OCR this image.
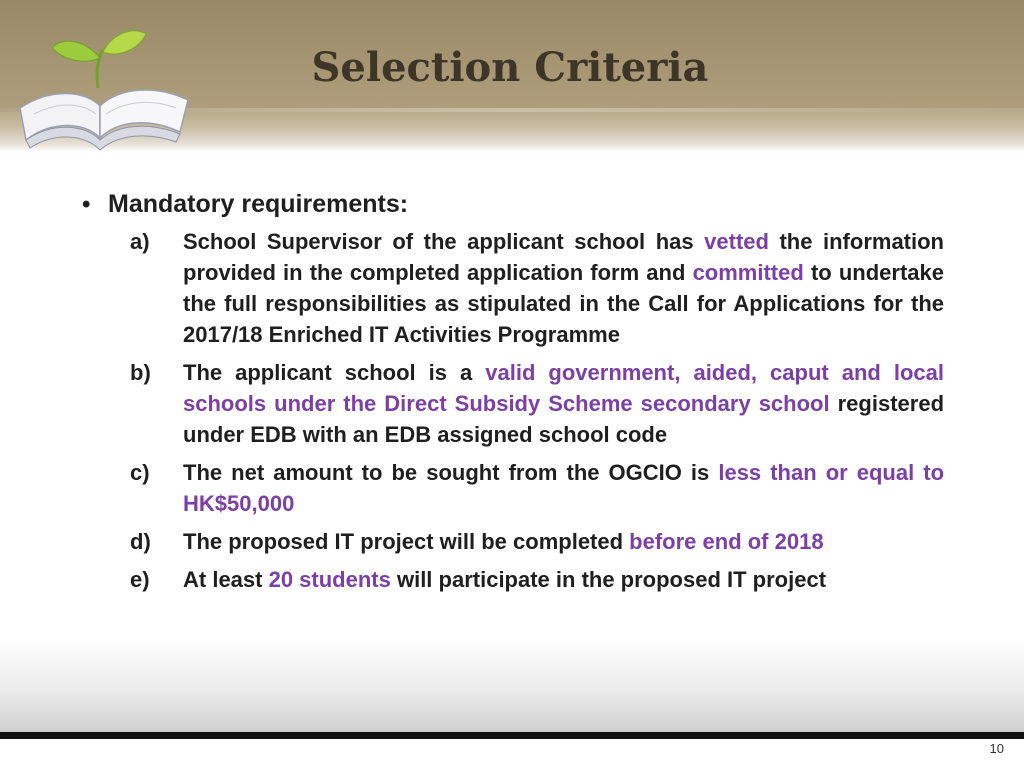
Selection Criteria
• Mandatory requirements:
a)	School Supervisor of the applicant school has vetted the information provided in the completed application form and committed to undertake the full responsibilities as stipulated in the Call for Applications for the 2017/18 Enriched IT Activities Programme
b)	The applicant school is a valid government, aided, caput and local schools under the Direct Subsidy Scheme secondary school registered under EDB with an EDB assigned school code
c)	The net amount to be sought from the OGCIO is less than or equal to HK$50,000
d)	The proposed IT project will be completed before end of 2018
e)	At least 20 students will participate in the proposed IT project
10
